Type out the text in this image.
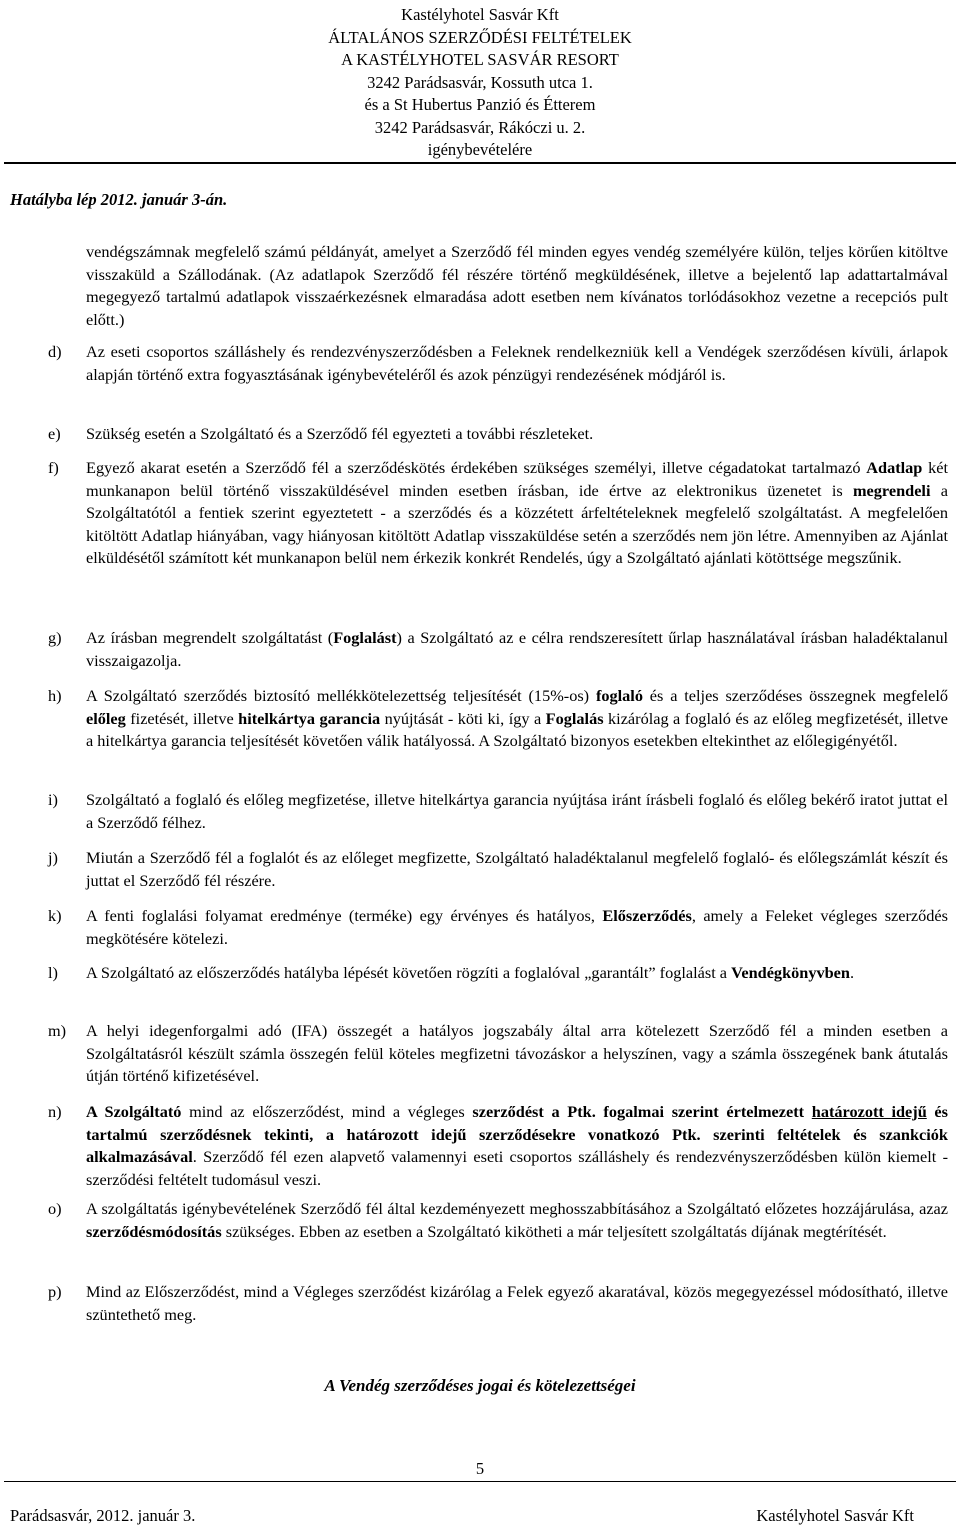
Kastélyhotel Sasvár Kft
ÁLTALÁNOS SZERZŐDÉSI FELTÉTELEK
A KASTÉLYHOTEL SASVÁR RESORT
3242 Parádsasvár, Kossuth utca 1.
és a St Hubertus Panzió és Étterem
3242 Parádsasvár, Rákóczi u. 2.
igénybevételére
Hatályba lép 2012. január 3-án.
vendégszámnak megfelelő számú példányát, amelyet a Szerződő fél minden egyes vendég személyére külön, teljes körűen kitöltve visszaküld a Szállodának. (Az adatlapok Szerződő fél részére történő megküldésének, illetve a bejelentő lap adattartalmával megegyező tartalmú adatlapok visszaérkezésnek elmaradása adott esetben nem kívánatos torlódásokhoz vezetne a recepciós pult előtt.)
d)	Az eseti csoportos szálláshely és rendezvényszerződésben a Feleknek rendelkezniük kell a Vendégek szerződésen kívüli, árlapok alapján történő extra fogyasztásának igénybevételéről és azok pénzügyi rendezésének módjáról is.
e)	Szükség esetén a Szolgáltató és a Szerződő fél egyezteti a további részleteket.
f)	Egyező akarat esetén a Szerződő fél a szerződéskötés érdekében szükséges személyi, illetve cégadatokat tartalmazó Adatlap két munkanapon belül történő visszaküldésével minden esetben írásban, ide értve az elektronikus üzenetet is megrendeli a Szolgáltatótól a fentiek szerint egyeztetett - a szerződés és a közzétett árfeltételeknek megfelelő szolgáltatást. A megfelelően kitöltött Adatlap hiányában, vagy hiányosan kitöltött Adatlap visszaküldése setén a szerződés nem jön létre. Amennyiben az Ajánlat elküldésétől számított két munkanapon belül nem érkezik konkrét Rendelés, úgy a Szolgáltató ajánlati kötöttsége megszűnik.
g)	Az írásban megrendelt szolgáltatást (Foglalást) a Szolgáltató az e célra rendszeresített űrlap használatával írásban haladéktalanul visszaigazolja.
h)	A Szolgáltató szerződés biztosító mellékkötelezettség teljesítését (15%-os) foglaló és a teljes szerződéses összegnek megfelelő előleg fizetését, illetve hitelkártya garancia nyújtását - köti ki, így a Foglalás kizárólag a foglaló és az előleg megfizetését, illetve a hitelkártya garancia teljesítését követően válik hatályossá. A Szolgáltató bizonyos esetekben eltekinthet az előlegigényétől.
i)	Szolgáltató a foglaló és előleg megfizetése, illetve hitelkártya garancia nyújtása iránt írásbeli foglaló és előleg bekérő iratot juttat el a Szerződő félhez.
j)	Miután a Szerződő fél a foglalót és az előleget megfizette, Szolgáltató haladéktalanul megfelelő foglaló- és előlegszámlát készít és juttat el Szerződő fél részére.
k)	A fenti foglalási folyamat eredménye (terméke) egy érvényes és hatályos, Előszerződés, amely a Feleket végleges szerződés megkötésére kötelezi.
l)	A Szolgáltató az előszerződés hatályba lépését követően rögzíti a foglalóval „garantált” foglalást a Vendégkönyvben.
m)	A helyi idegenforgalmi adó (IFA) összegét a hatályos jogszabály által arra kötelezett Szerződő fél a minden esetben a Szolgáltatásról készült számla összegén felül köteles megfizetni távozáskor a helyszínen, vagy a számla összegének bank átutalás útján történő kifizetésével.
n)	A Szolgáltató mind az előszerződést, mind a végleges szerződést a Ptk. fogalmai szerint értelmezett határozott idejű és tartalmú szerződésnek tekinti, a határozott idejű szerződésekre vonatkozó Ptk. szerinti feltételek és szankciók alkalmazásával. Szerződő fél ezen alapvető valamennyi eseti csoportos szálláshely és rendezvényszerződésben külön kiemelt - szerződési feltételt tudomásul veszi.
o)	A szolgáltatás igénybevételének Szerződő fél által kezdeményezett meghosszabbításához a Szolgáltató előzetes hozzájárulása, azaz szerződésmódosítás szükséges. Ebben az esetben a Szolgáltató kikötheti a már teljesített szolgáltatás díjának megtérítését.
p)	Mind az Előszerződést, mind a Végleges szerződést kizárólag a Felek egyező akaratával, közös megegyezéssel módosítható, illetve szüntethető meg.
A Vendég szerződéses jogai és kötelezettségei
5
Parádsasvár, 2012. január 3.	Kastélyhotel Sasvár Kft
